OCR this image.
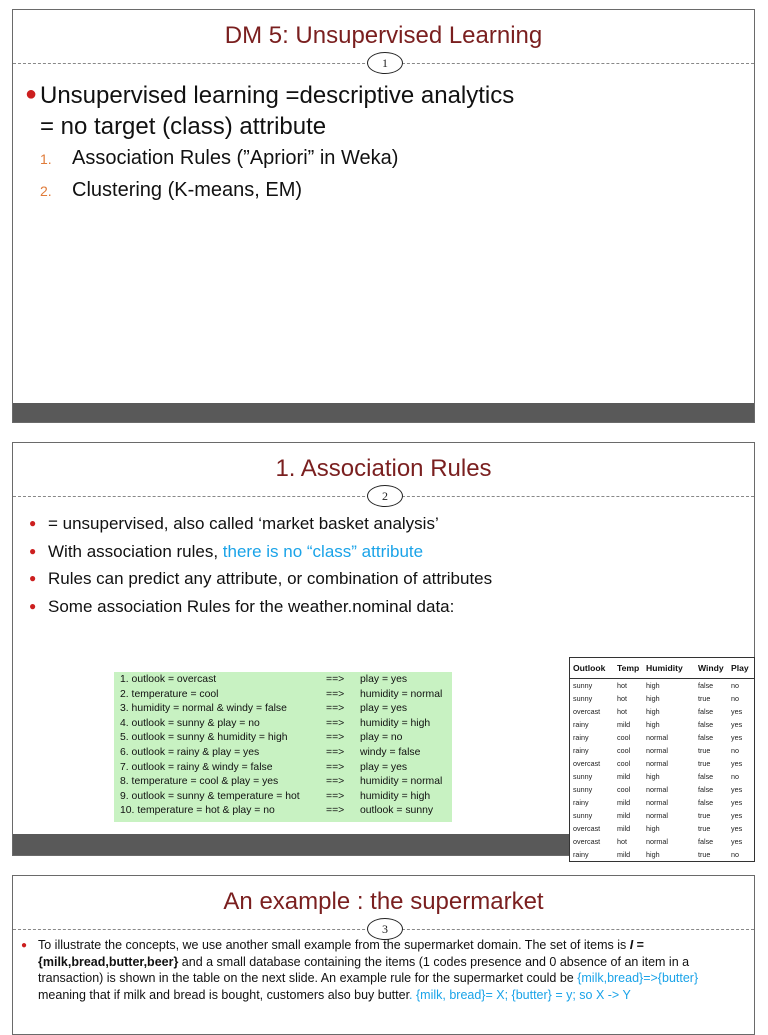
DM 5: Unsupervised Learning
1
● Unsupervised learning =descriptive analytics
= no target (class) attribute
1. Association Rules (”Apriori” in Weka)
2. Clustering (K-means, EM)
1. Association Rules
2
● = unsupervised, also called ‘market basket analysis’
● With association rules, there is no “class” attribute
● Rules can predict any attribute, or combination of attributes
● Some association Rules for the weather.nominal data:
1. outlook = overcast	==> play = yes
2. temperature = cool	==> humidity = normal
3. humidity = normal & windy = false	==> play = yes
4. outlook = sunny & play = no	==> humidity = high
5. outlook = sunny & humidity = high	==> play = no
6. outlook = rainy & play = yes	==> windy = false
7. outlook = rainy & windy = false	==> play = yes
8. temperature = cool & play = yes	==> humidity = normal
9. outlook = sunny & temperature = hot	==> humidity = high
10. temperature = hot & play = no	==> outlook = sunny
Outlook Temp Humidity Windy Play
sunny	hot	high	false no
sunny	hot	high	true	no
overcast hot	high	false yes
rainy	mild high	false yes
rainy	cool normal	false yes
rainy	cool normal	true	no
overcast cool normal	true	yes
sunny	mild high	false no
sunny	cool normal	false yes
rainy	mild normal	false yes
sunny	mild normal	true	yes
overcast mild high	true	yes
overcast hot	normal	false yes
rainy	mild high	true	no
An example : the supermarket
3
● To illustrate the concepts, we use another small example from the supermarket domain. The set of items is I = {milk,bread,butter,beer} and a small database containing the items (1 codes presence and 0 absence of an item in a transaction) is shown in the table on the next slide. An example rule for the supermarket could be {milk,bread}=>{butter} meaning that if milk and bread is bought, customers also buy butter. {milk, bread}= X; {butter} = y; so X -> Y
